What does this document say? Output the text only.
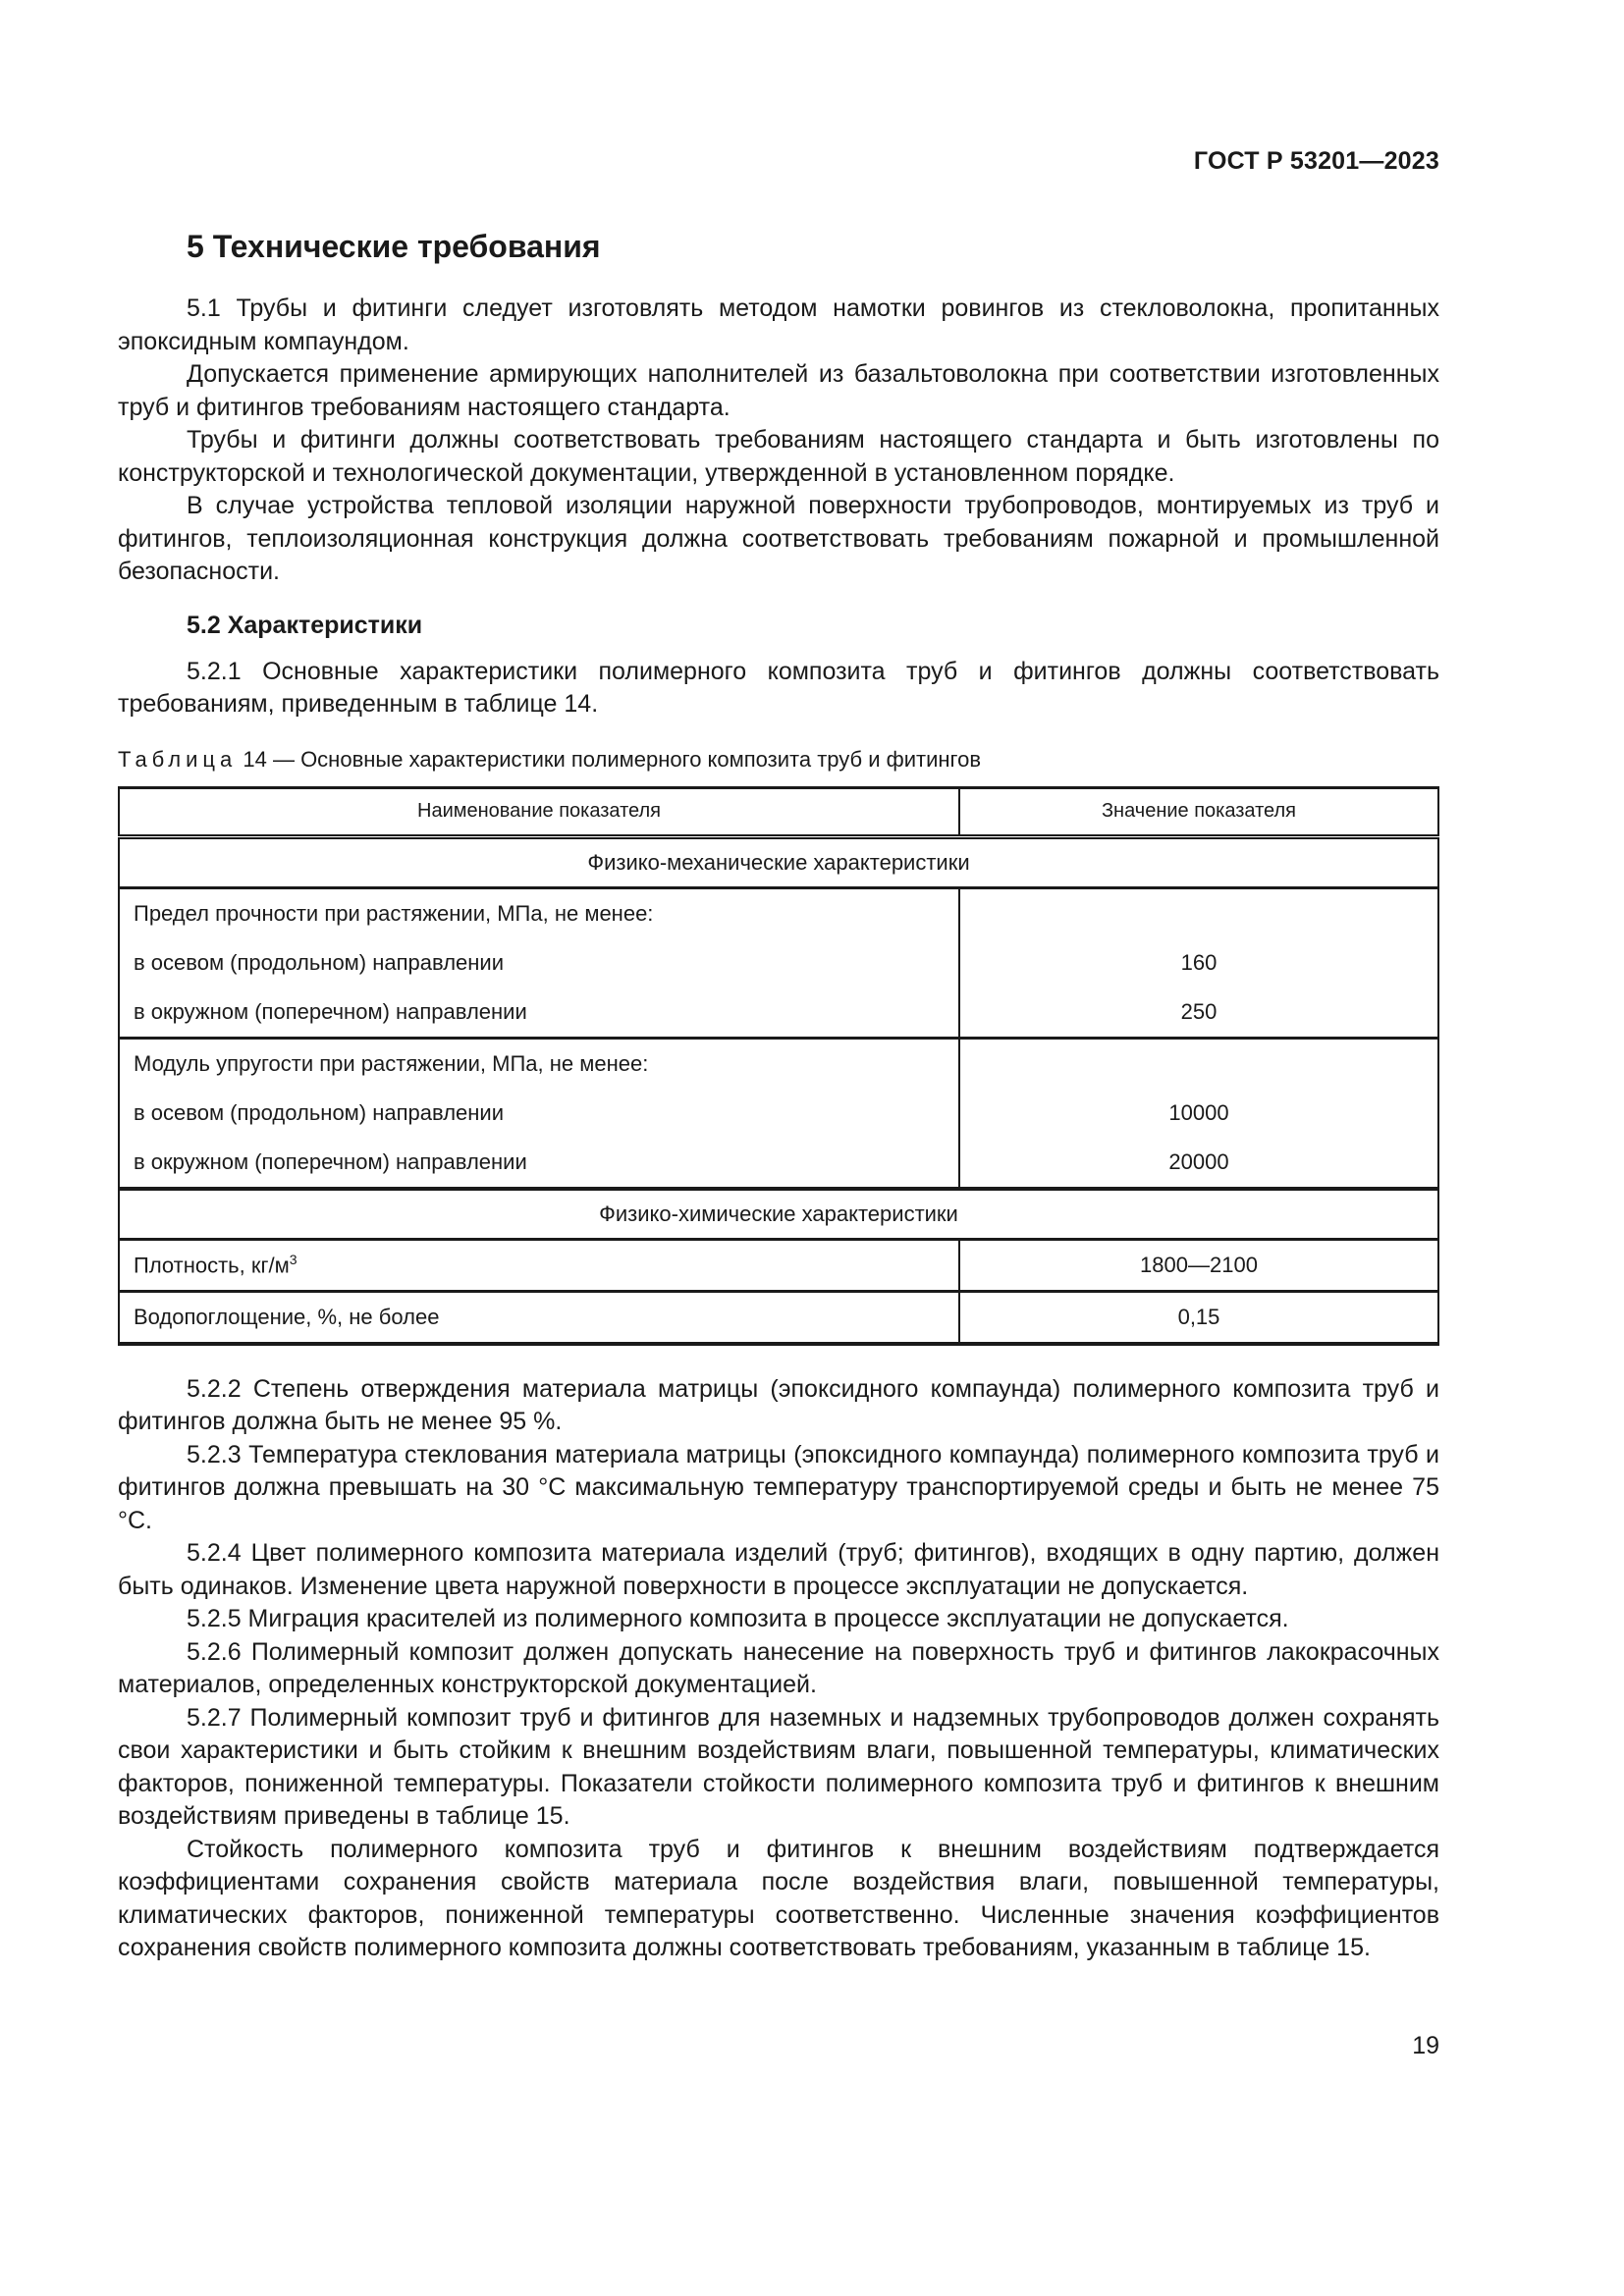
ГОСТ Р 53201—2023
5 Технические требования

5.1 Трубы и фитинги следует изготовлять методом намотки ровингов из стекловолокна, пропитанных эпоксидным компаундом.

Допускается применение армирующих наполнителей из базальтоволокна при соответствии изготовленных труб и фитингов требованиям настоящего стандарта.

Трубы и фитинги должны соответствовать требованиям настоящего стандарта и быть изготовлены по конструкторской и технологической документации, утвержденной в установленном порядке.

В случае устройства тепловой изоляции наружной поверхности трубопроводов, монтируемых из труб и фитингов, теплоизоляционная конструкция должна соответствовать требованиям пожарной и промышленной безопасности.

5.2 Характеристики

5.2.1 Основные характеристики полимерного композита труб и фитингов должны соответствовать требованиям, приведенным в таблице 14.

Таблица 14 — Основные характеристики полимерного композита труб и фитингов
Наименование показателя	Значение показателя
Физико-механические характеристики	
Предел прочности при растяжении, МПа, не менее:	
в осевом (продольном) направлении	160
в окружном (поперечном) направлении	250
Модуль упругости при растяжении, МПа, не менее:	
в осевом (продольном) направлении	10000
в окружном (поперечном) направлении	20000
Физико-химические характеристики	
Плотность, $кг/м^3$	1800—2100
Водопоглощение, %, не более	0,15

5.2.2 Степень отверждения материала матрицы (эпоксидного компаунда) полимерного композита труб и фитингов должна быть не менее 95 %.

5.2.3 Температура стеклования материала матрицы (эпоксидного компаунда) полимерного композита труб и фитингов должна превышать на 30 °C максимальную температуру транспортируемой среды и быть не менее 75 °C.

5.2.4 Цвет полимерного композита материала изделий (труб; фитингов), входящих в одну партию, должен быть одинаков. Изменение цвета наружной поверхности в процессе эксплуатации не допускается.

5.2.5 Миграция красителей из полимерного композита в процессе эксплуатации не допускается.

5.2.6 Полимерный композит должен допускать нанесение на поверхность труб и фитингов лакокрасочных материалов, определенных конструкторской документацией.

5.2.7 Полимерный композит труб и фитингов для наземных и надземных трубопроводов должен сохранять свои характеристики и быть стойким к внешним воздействиям влаги, повышенной температуры, климатических факторов, пониженной температуры. Показатели стойкости полимерного композита труб и фитингов к внешним воздействиям приведены в таблице 15.

Стойкость полимерного композита труб и фитингов к внешним воздействиям подтверждается коэффициентами сохранения свойств материала после воздействия влаги, повышенной температуры, климатических факторов, пониженной температуры соответственно. Численные значения коэффициентов сохранения свойств полимерного композита должны соответствовать требованиям, указанным в таблице 15.

19
